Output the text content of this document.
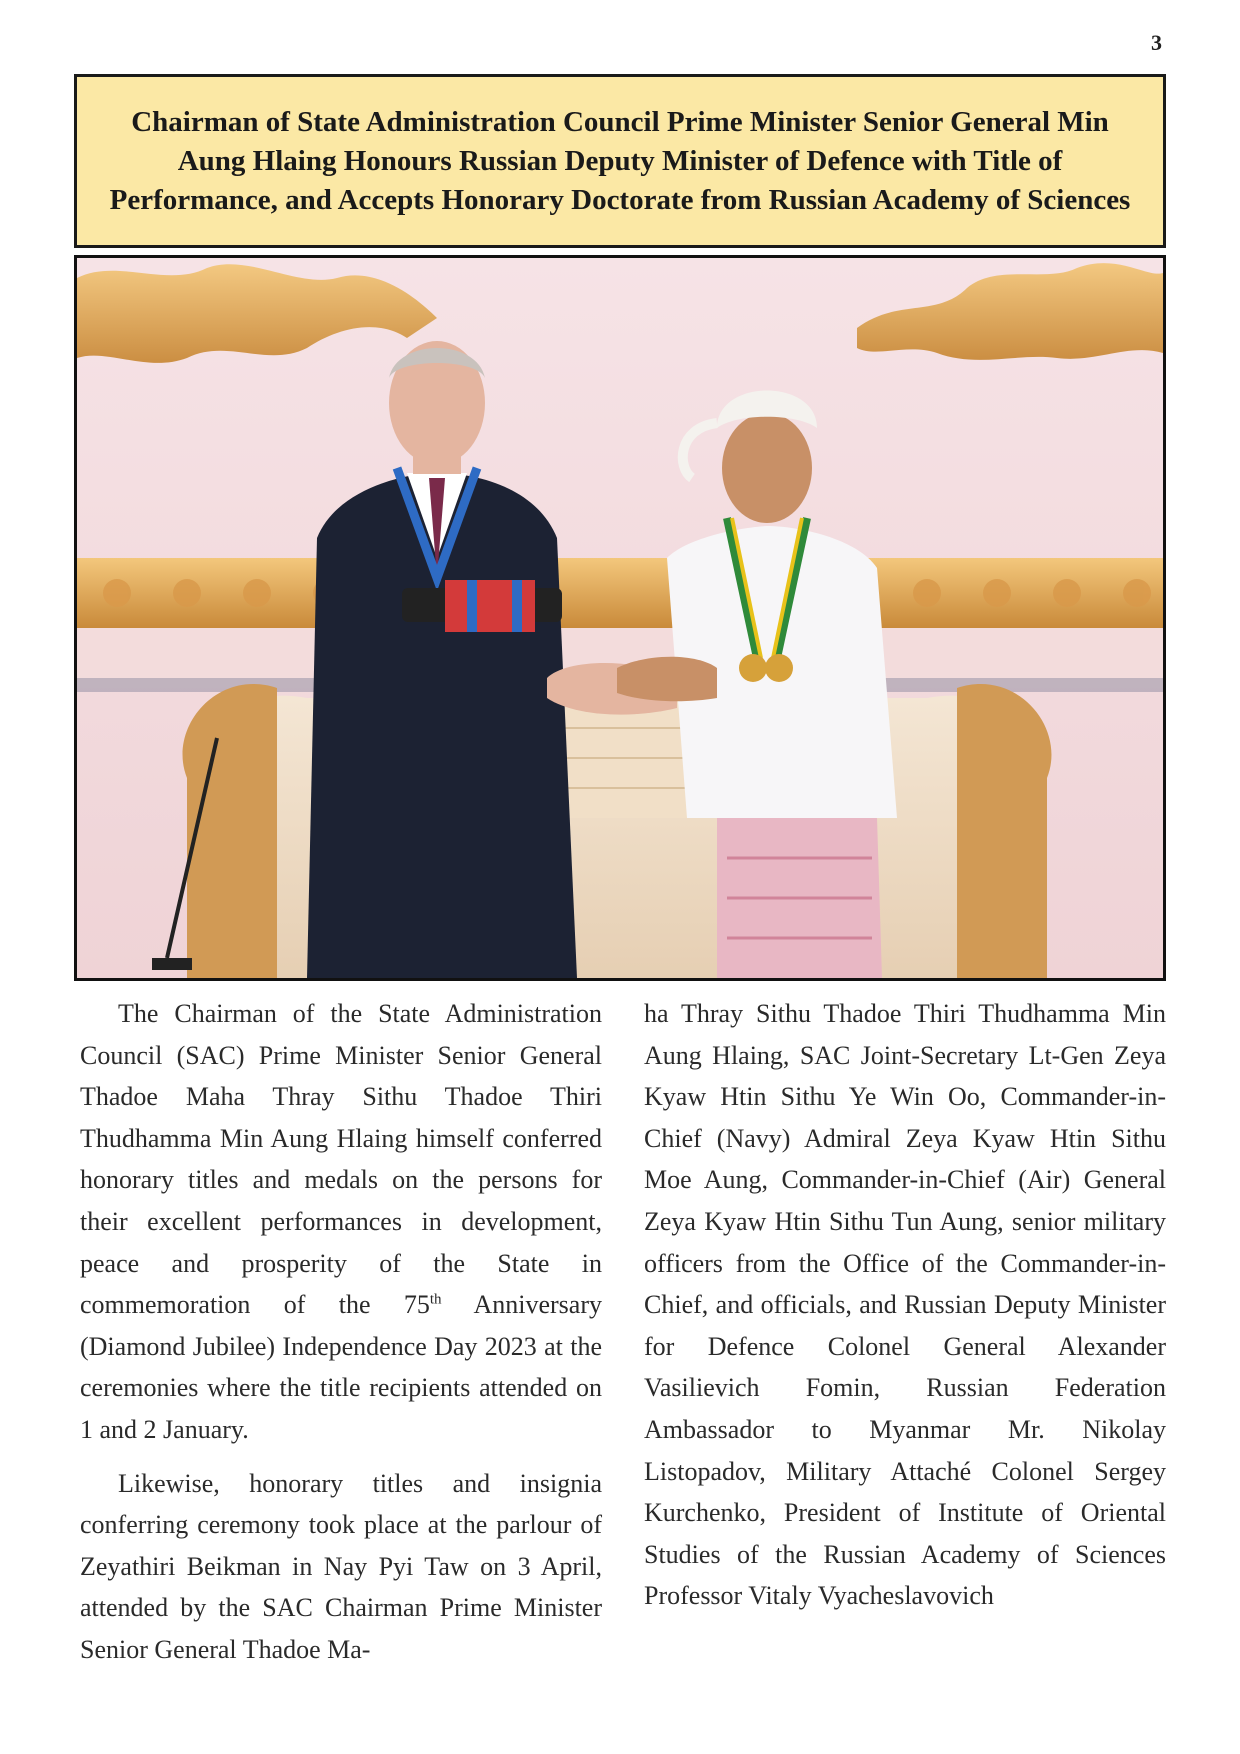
3
Chairman of State Administration Council Prime Minister Senior General Min Aung Hlaing Honours Russian Deputy Minister of Defence with Title of Performance, and Accepts Honorary Doctorate from Russian Academy of Sciences

The Chairman of the State Administration Council (SAC) Prime Minister Senior General Thadoe Maha Thray Sithu Thadoe Thiri Thudhamma Min Aung Hlaing himself conferred honorary titles and medals on the persons for their excellent performances in development, peace and prosperity of the State in commemoration of the 75th Anniversary (Diamond Jubilee) Independence Day 2023 at the ceremonies where the title recipients attended on 1 and 2 January.

Likewise, honorary titles and insignia conferring ceremony took place at the parlour of Zeyathiri Beikman in Nay Pyi Taw on 3 April, attended by the SAC Chairman Prime Minister Senior General Thadoe Ma-

ha Thray Sithu Thadoe Thiri Thudhamma Min Aung Hlaing, SAC Joint-Secretary Lt-Gen Zeya Kyaw Htin Sithu Ye Win Oo, Commander-in-Chief (Navy) Admiral Zeya Kyaw Htin Sithu Moe Aung, Commander-in-Chief (Air) General Zeya Kyaw Htin Sithu Tun Aung, senior military officers from the Office of the Commander-in-Chief, and officials, and Russian Deputy Minister for Defence Colonel General Alexander Vasilievich Fomin, Russian Federation Ambassador to Myanmar Mr. Nikolay Listopadov, Military Attaché Colonel Sergey Kurchenko, President of Institute of Oriental Studies of the Russian Academy of Sciences Professor Vitaly Vyacheslavovich
